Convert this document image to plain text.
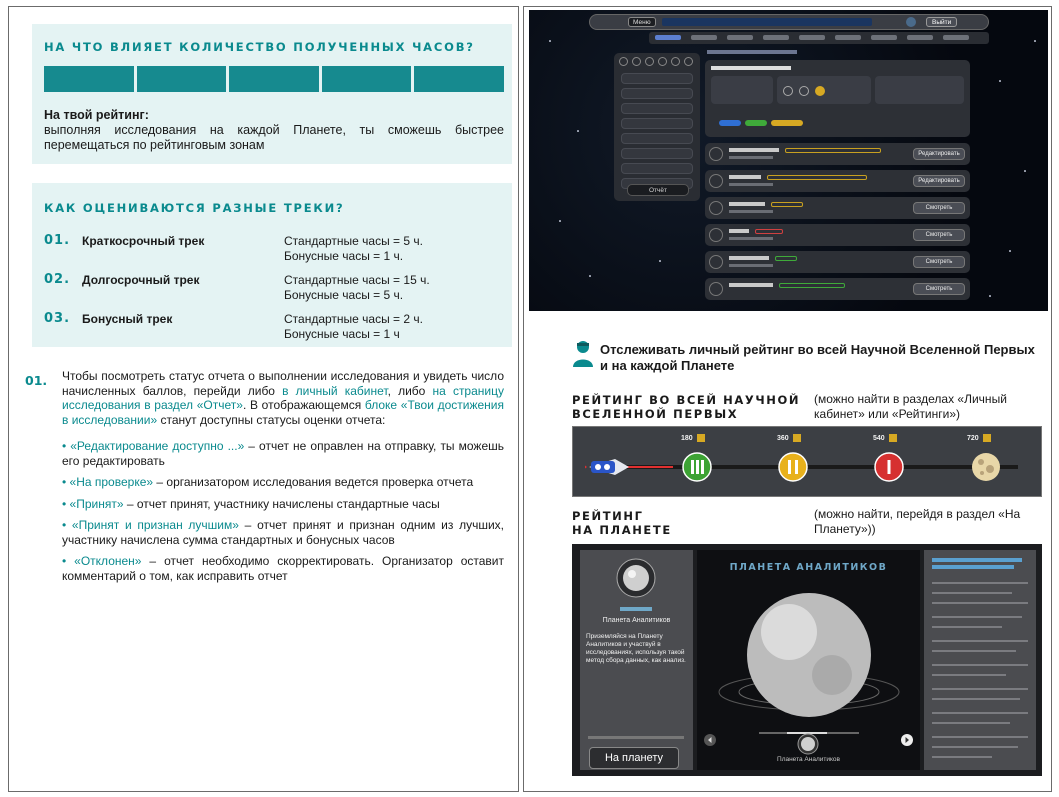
НА ЧТО ВЛИЯЕТ КОЛИЧЕСТВО ПОЛУЧЕННЫХ ЧАСОВ?
На твой рейтинг:
выполняя исследования на каждой Планете, ты сможешь быстрее перемещаться по рейтинговым зонам
КАК ОЦЕНИВАЮТСЯ РАЗНЫЕ ТРЕКИ?
01. Краткосрочный трек	Стандартные часы = 5 ч.
Бонусные часы = 1 ч.
02. Долгосрочный трек	Стандартные часы = 15 ч.
Бонусные часы = 5 ч.
03. Бонусный трек	Стандартные часы = 2 ч.
Бонусные часы = 1 ч
01. Чтобы посмотреть статус отчета о выполнении исследования и увидеть число начисленных баллов, перейди либо в личный кабинет, либо на страницу исследования в раздел «Отчет». В отображающемся блоке «Твои достижения в исследовании» станут доступны статусы оценки отчета:

• «Редактирование доступно ...» – отчет не оправлен на отправку, ты можешь его редактировать

• «На проверке» – организатором исследования ведется проверка отчета

• «Принят» – отчет принят, участнику начислены стандартные часы

• «Принят и признан лучшим» – отчет принят и признан одним из лучших, участнику начислена сумма стандартных и бонусных часов

• «Отклонен» – отчет необходимо скорректировать. Организатор оставит комментарий о том, как исправить отчет

Меню	Выйти
Отчёт
Редактировать
Редактировать
Смотреть
Смотреть
Смотреть
Смотреть
Отслеживать личный рейтинг во всей Научной Вселенной Первых и на каждой Планете
РЕЙТИНГ ВО ВСЕЙ НАУЧНОЙ
ВСЕЛЕННОЙ ПЕРВЫХ
(можно найти в разделах «Личный кабинет» или «Рейтинги»)
180	360	540	720
РЕЙТИНГ
НА ПЛАНЕТЕ
(можно найти, перейдя в раздел «На Планету»))
Планета Аналитиков
Приземляйся на Планету Аналитиков и участвуй в исследованиях, используя такой метод сбора данных, как анализ.
На планету
ПЛАНЕТА АНАЛИТИКОВ
Планета Аналитиков
